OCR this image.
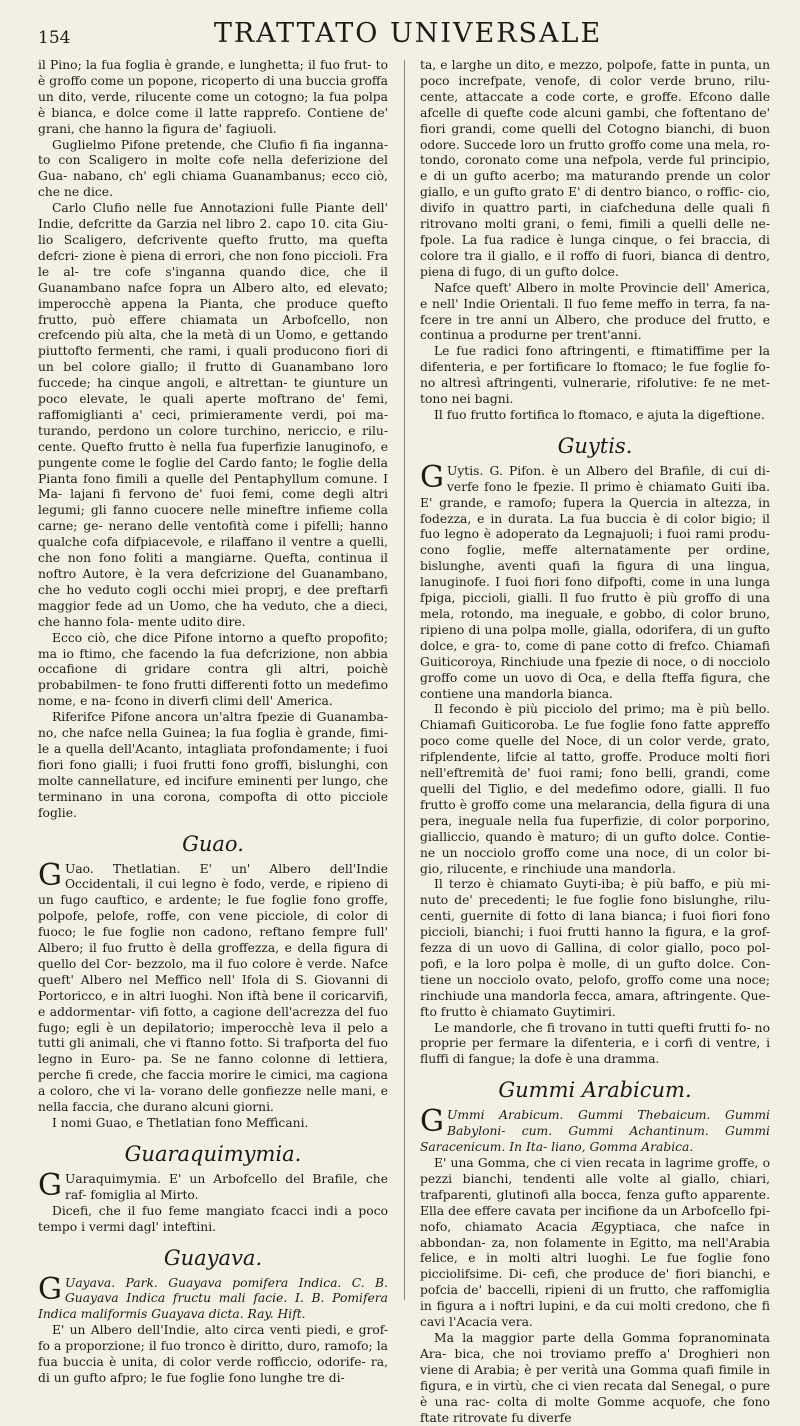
154	TRATTATO UNIVERSALE

il Pino; la fua foglia è grande, e lunghetta; il fuo frut- to è groffo come un popone, ricoperto di una buccia groffa un dito, verde, rilucente come un cotogno; la fua polpa è bianca, e dolce come il latte rapprefo. Contiene de' grani, che hanno la figura de' fagiuoli.

Guglielmo Pifone pretende, che Clufio fi fia inganna- to con Scaligero in molte cofe nella deferizione del Gua- nabano, ch' egli chiama Guanambanus; ecco ciò, che ne dice.

Carlo Clufio nelle fue Annotazioni fulle Piante dell' Indie, defcritte da Garzia nel libro 2. capo 10. cita Giu- lio Scaligero, defcrivente quefto frutto, ma quefta defcri- zione è piena di errori, che non fono piccioli. Fra le al- tre cofe s'inganna quando dice, che il Guanambano nafce fopra un Albero alto, ed elevato; imperocchè appena la Pianta, che produce quefto frutto, può effere chiamata un Arbofcello, non crefcendo più alta, che la metà di un Uomo, e gettando piuttofto fermenti, che rami, i quali producono fiori di un bel colore giallo; il frutto di Guanambano loro fuccede; ha cinque angoli, e altrettan- te giunture un poco elevate, le quali aperte moftrano de' femi, raffomiglianti a' ceci, primieramente verdi, poi ma- turando, perdono un colore turchino, nericcio, e rilu- cente. Quefto frutto è nella fua fuperfizie lanuginofo, e pungente come le foglie del Cardo fanto; le foglie della Pianta fono fimili a quelle del Pentaphyllum comune. I Ma- lajani fi fervono de' fuoi femi, come degli altri legumi; gli fanno cuocere nelle mineftre infieme colla carne; ge- nerano delle ventofità come i pifelli; hanno qualche cofa difpiacevole, e rilaffano il ventre a quelli, che non fono foliti a mangiarne. Quefta, continua il noftro Autore, è la vera defcrizione del Guanambano, che ho veduto cogli occhi miei proprj, e dee preftarfi maggior fede ad un Uomo, che ha veduto, che a dieci, che hanno fola- mente udito dire.

Ecco ciò, che dice Pifone intorno a quefto propofito; ma io ftimo, che facendo la fua defcrizione, non abbia occafione di gridare contra gli altri, poichè probabilmen- te fono frutti differenti fotto un medefimo nome, e na- fcono in diverfi climi dell' America.

Riferifce Pifone ancora un'altra fpezie di Guanamba- no, che nafce nella Guinea; la fua foglia è grande, fimi- le a quella dell'Acanto, intagliata profondamente; i fuoi fiori fono gialli; i fuoi frutti fono groffi, bislunghi, con molte cannellature, ed incifure eminenti per lungo, che terminano in una corona, compofta di otto picciole foglie.

Guao.

G Uao. Thetlatian. E' un' Albero dell'Indie Occidentali, il cui legno è fodo, verde, e ripieno di un fugo cauftico, e ardente; le fue foglie fono groffe, polpofe, pelofe, roffe, con vene picciole, di color di fuoco; le fue foglie non cadono, reftano fempre full' Albero; il fuo frutto è della groffezza, e della figura di quello del Cor- bezzolo, ma il fuo colore è verde. Nafce queft' Albero nel Meffico nell' Ifola di S. Giovanni di Portoricco, e in altri luoghi. Non iftà bene il coricarvifi, e addormentar- vifi fotto, a cagione dell'acrezza del fuo fugo; egli è un depilatorio; imperocchè leva il pelo a tutti gli animali, che vi ftanno fotto. Si trafporta del fuo legno in Euro- pa. Se ne fanno colonne di lettiera, perche fi crede, che faccia morire le cimici, ma cagiona a coloro, che vi la- vorano delle gonfiezze nelle mani, e nella faccia, che durano alcuni giorni.

I nomi Guao, e Thetlatian fono Meffìcani.

Guaraquimymia.

G Uaraquimymia. E' un Arbofcello del Brafile, che raf- fomiglia al Mirto.

Dicefi, che il fuo feme mangiato fcacci indi a poco tempo i vermi dagl' inteftini.

Guayava.

G Uayava. Park. Guayava pomifera Indica. C. B. Guayava Indica fructu mali facie. I. B. Pomifera Indica maliformis Guayava dicta. Ray. Hift.

E' un Albero dell'Indie, alto circa venti piedi, e grof- fo a proporzione; il fuo tronco è diritto, duro, ramofo; la fua buccia è unita, di color verde roffìccio, odorife- ra, di un gufto afpro; le fue foglie fono lunghe tre di-

ta, e larghe un dito, e mezzo, polpofe, fatte in punta, un poco increfpate, venofe, di color verde bruno, rilu- cente, attaccate a code corte, e groffe. Efcono dalle afcelle di quefte code alcuni gambi, che foftentano de' fiori grandi, come quelli del Cotogno bianchi, di buon odore. Succede loro un frutto groffo come una mela, ro- tondo, coronato come una nefpola, verde ful principio, e di un gufto acerbo; ma maturando prende un color giallo, e un gufto grato E' di dentro bianco, o roffic- cio, divifo in quattro parti, in ciafcheduna delle quali fi ritrovano molti grani, o femi, fimili a quelli delle ne- fpole. La fua radice è lunga cinque, o fei braccia, di colore tra il giallo, e il roffo di fuori, bianca di dentro, piena di fugo, di un gufto dolce.

Nafce queft' Albero in molte Provincie dell' America, e nell' Indie Orientali. Il fuo feme meffo in terra, fa na- fcere in tre anni un Albero, che produce del frutto, e continua a produrne per trent'anni.

Le fue radici fono aftringenti, e ftimatiffime per la difenteria, e per fortificare lo ftomaco; le fue foglie fo- no altresì aftringenti, vulnerarie, rifolutive: fe ne met- tono nei bagni.

Il fuo frutto fortifica lo ftomaco, e ajuta la digeftione.

Guytis.

G Uytis. G. Pifon. è un Albero del Brafile, di cui di- verfe fono le fpezie. Il primo è chiamato Guiti iba. E' grande, e ramofo; fupera la Quercia in altezza, in fodezza, e in durata. La fua buccia è di color bigio; il fuo legno è adoperato da Legnajuoli; i fuoi rami produ- cono foglie, meffe alternatamente per ordine, bislunghe, aventi quafi la figura di una lingua, lanuginofe. I fuoi fiori fono difpofti, come in una lunga fpiga, piccioli, gialli. Il fuo frutto è più groffo di una mela, rotondo, ma ineguale, e gobbo, di color bruno, ripieno di una polpa molle, gialla, odorifera, di un gufto dolce, e gra- to, come di pane cotto di frefco. Chiamafi Guiticoroya, Rinchiude una fpezie di noce, o di nocciolo groffo come un uovo di Oca, e della fteffa figura, che contiene una mandorla bianca.

Il fecondo è più picciolo del primo; ma è più bello. Chiamafi Guiticoroba. Le fue foglie fono fatte appreffo poco come quelle del Noce, di un color verde, grato, rifplendente, lifcie al tatto, groffe. Produce molti fiori nell'eftremità de' fuoi rami; fono belli, grandi, come quelli del Tiglio, e del medefimo odore, gialli. Il fuo frutto è groffo come una melarancia, della figura di una pera, ineguale nella fua fuperfizie, di color porporino, gialliccio, quando è maturo; di un gufto dolce. Contie- ne un nocciolo groffo come una noce, di un color bi- gio, rilucente, e rinchiude una mandorla.

Il terzo è chiamato Guyti-iba; è più baffo, e più mi- nuto de' precedenti; le fue foglie fono bislunghe, rilu- centi, guernite di fotto di lana bianca; i fuoi fiori fono piccioli, bianchi; i fuoi frutti hanno la figura, e la grof- fezza di un uovo di Gallina, di color giallo, poco pol- pofi, e la loro polpa è molle, di un gufto dolce. Con- tiene un nocciolo ovato, pelofo, groffo come una noce; rinchiude una mandorla fecca, amara, aftringente. Que- fto frutto è chiamato Guytimiri.

Le mandorle, che fi trovano in tutti quefti frutti fo- no proprie per fermare la difenteria, e i corfi di ventre, i fluffi di fangue; la dofe è una dramma.

Gummi Arabicum.

G Ummi Arabicum. Gummi Thebaicum. Gummi Babyloni- cum. Gummi Achantinum. Gummi Saracenicum. In Ita- liano, Gomma Arabica.

E' una Gomma, che ci vien recata in lagrime groffe, o pezzi bianchi, tendenti alle volte al giallo, chiari, trafparenti, glutinofi alla bocca, fenza gufto apparente. Ella dee effere cavata per incifione da un Arbofcello fpi- nofo, chiamato Acacia Ægyptiaca, che nafce in abbondan- za, non folamente in Egitto, ma nell'Arabia felice, e in molti altri luoghi. Le fue foglie fono picciolifsime. Di- cefi, che produce de' fiori bianchi, e pofcia de' baccelli, ripieni di un frutto, che raffomiglia in figura a i noftri lupini, e da cui molti credono, che fi cavi l'Acacia vera.

Ma la maggior parte della Gomma fopranominata Ara- bica, che noi troviamo preffo a' Droghieri non viene di Arabia; è per verità una Gomma quafi fimile in figura, e in virtù, che ci vien recata dal Senegal, o pure è una rac- colta di molte Gomme acquofe, che fono ftate ritrovate fu diverfe
